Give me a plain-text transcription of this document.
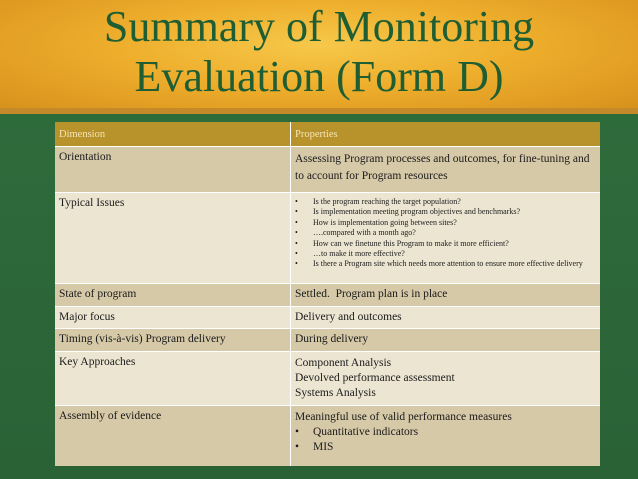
Summary of Monitoring
Evaluation (Form D)
Dimension	Properties
Orientation	Assessing Program processes and outcomes, for fine-tuning and to account for Program resources
Typical Issues	•	Is the program reaching the target population?
•	Is implementation meeting program objectives and benchmarks?
•	How is implementation going between sites?
•	….compared with a month ago?
•	How can we finetune this Program to make it more efficient?
•	…to make it more effective?
•	Is there a Program site which needs more attention to ensure more effective delivery
State of program	Settled.  Program plan is in place
Major focus	Delivery and outcomes
Timing (vis-à-vis) Program delivery	During delivery
Key Approaches	Component Analysis
Devolved performance assessment
Systems Analysis
Assembly of evidence	Meaningful use of valid performance measures
•	Quantitative indicators
•	MIS
